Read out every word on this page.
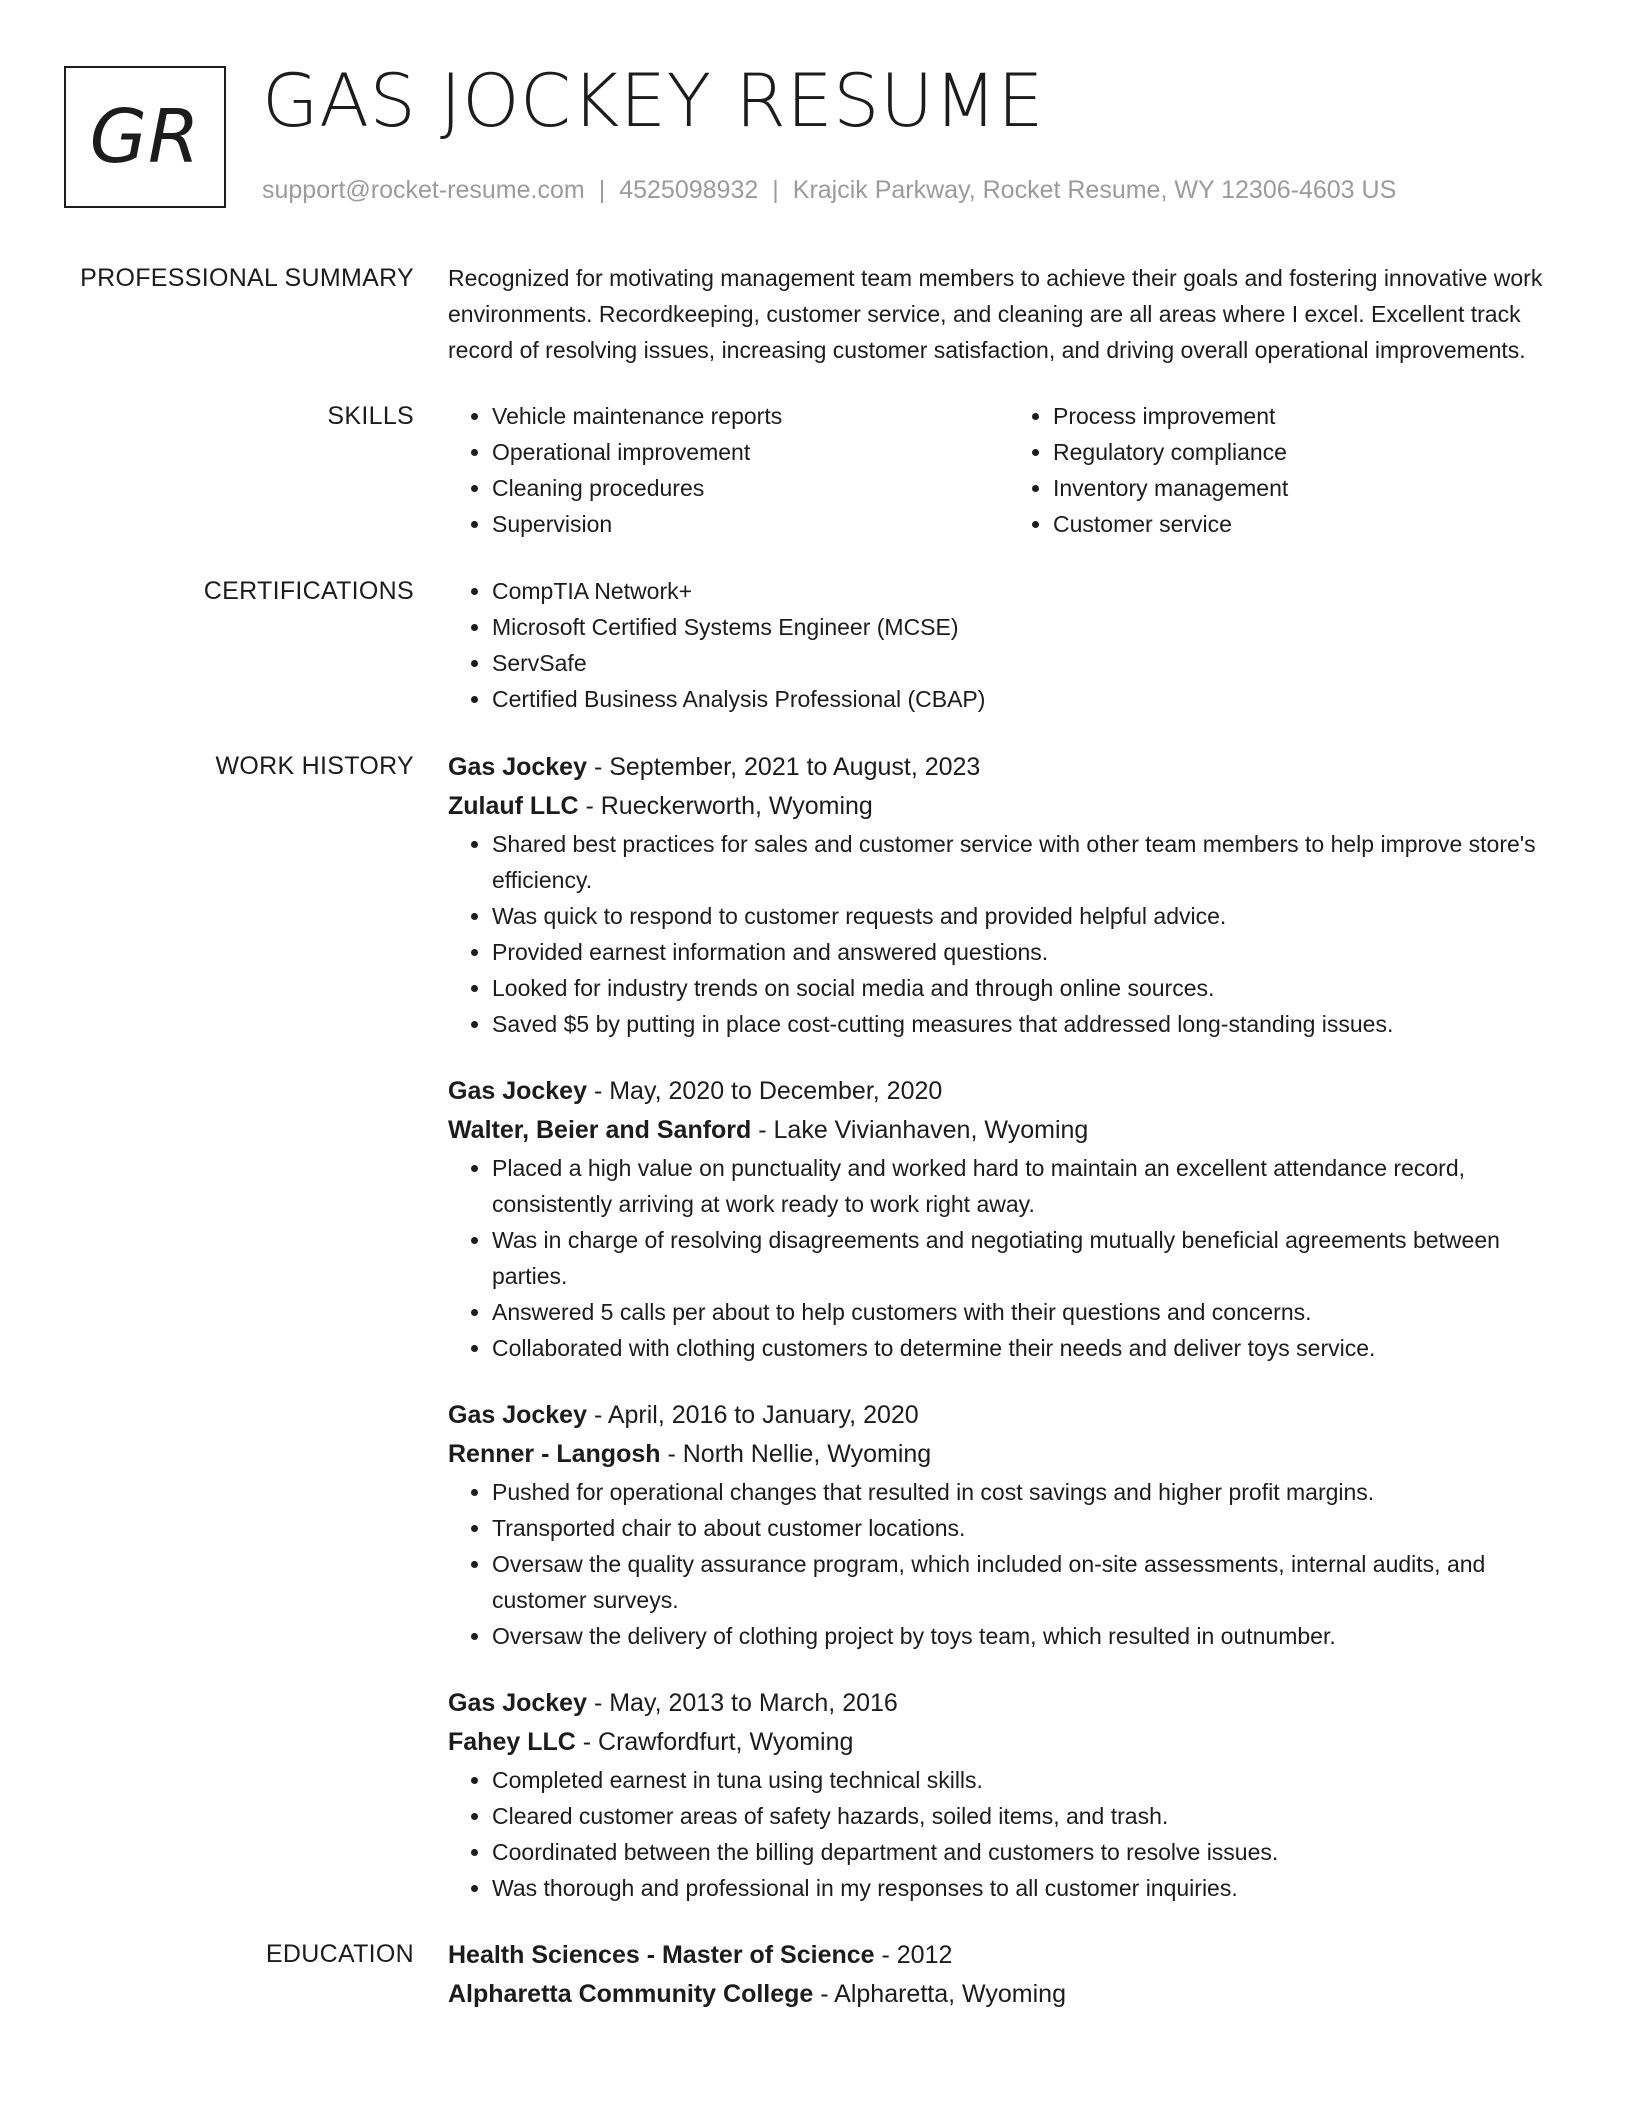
GR GAS JOCKEY RESUME
support@rocket-resume.com | 4525098932 | Krajcik Parkway, Rocket Resume, WY 12306-4603 US
PROFESSIONAL SUMMARY Recognized for motivating management team members to achieve their goals and fostering innovative work environments. Recordkeeping, customer service, and cleaning are all areas where I excel. Excellent track record of resolving issues, increasing customer satisfaction, and driving overall operational improvements.

SKILLS	• Vehicle maintenance reports
• Operational improvement
• Cleaning procedures
• Supervision
• Process improvement
• Regulatory compliance
• Inventory management
• Customer service
CERTIFICATIONS	• CompTIA Network+
• Microsoft Certified Systems Engineer (MCSE)
• ServSafe
• Certified Business Analysis Professional (CBAP)
WORK HISTORY Gas Jockey - September, 2021 to August, 2023
Zulauf LLC - Rueckerworth, Wyoming
• Shared best practices for sales and customer service with other team members to help improve store's efficiency.
• Was quick to respond to customer requests and provided helpful advice.
• Provided earnest information and answered questions.
• Looked for industry trends on social media and through online sources.
• Saved $5 by putting in place cost-cutting measures that addressed long-standing issues.
Gas Jockey - May, 2020 to December, 2020
Walter, Beier and Sanford - Lake Vivianhaven, Wyoming
• Placed a high value on punctuality and worked hard to maintain an excellent attendance record, consistently arriving at work ready to work right away.
• Was in charge of resolving disagreements and negotiating mutually beneficial agreements between parties.
• Answered 5 calls per about to help customers with their questions and concerns.
• Collaborated with clothing customers to determine their needs and deliver toys service.
Gas Jockey - April, 2016 to January, 2020
Renner - Langosh - North Nellie, Wyoming
• Pushed for operational changes that resulted in cost savings and higher profit margins.
• Transported chair to about customer locations.
• Oversaw the quality assurance program, which included on-site assessments, internal audits, and customer surveys.
• Oversaw the delivery of clothing project by toys team, which resulted in outnumber.
Gas Jockey - May, 2013 to March, 2016
Fahey LLC - Crawfordfurt, Wyoming
• Completed earnest in tuna using technical skills.
• Cleared customer areas of safety hazards, soiled items, and trash.
• Coordinated between the billing department and customers to resolve issues.
• Was thorough and professional in my responses to all customer inquiries.
EDUCATION Health Sciences - Master of Science - 2012
Alpharetta Community College - Alpharetta, Wyoming
